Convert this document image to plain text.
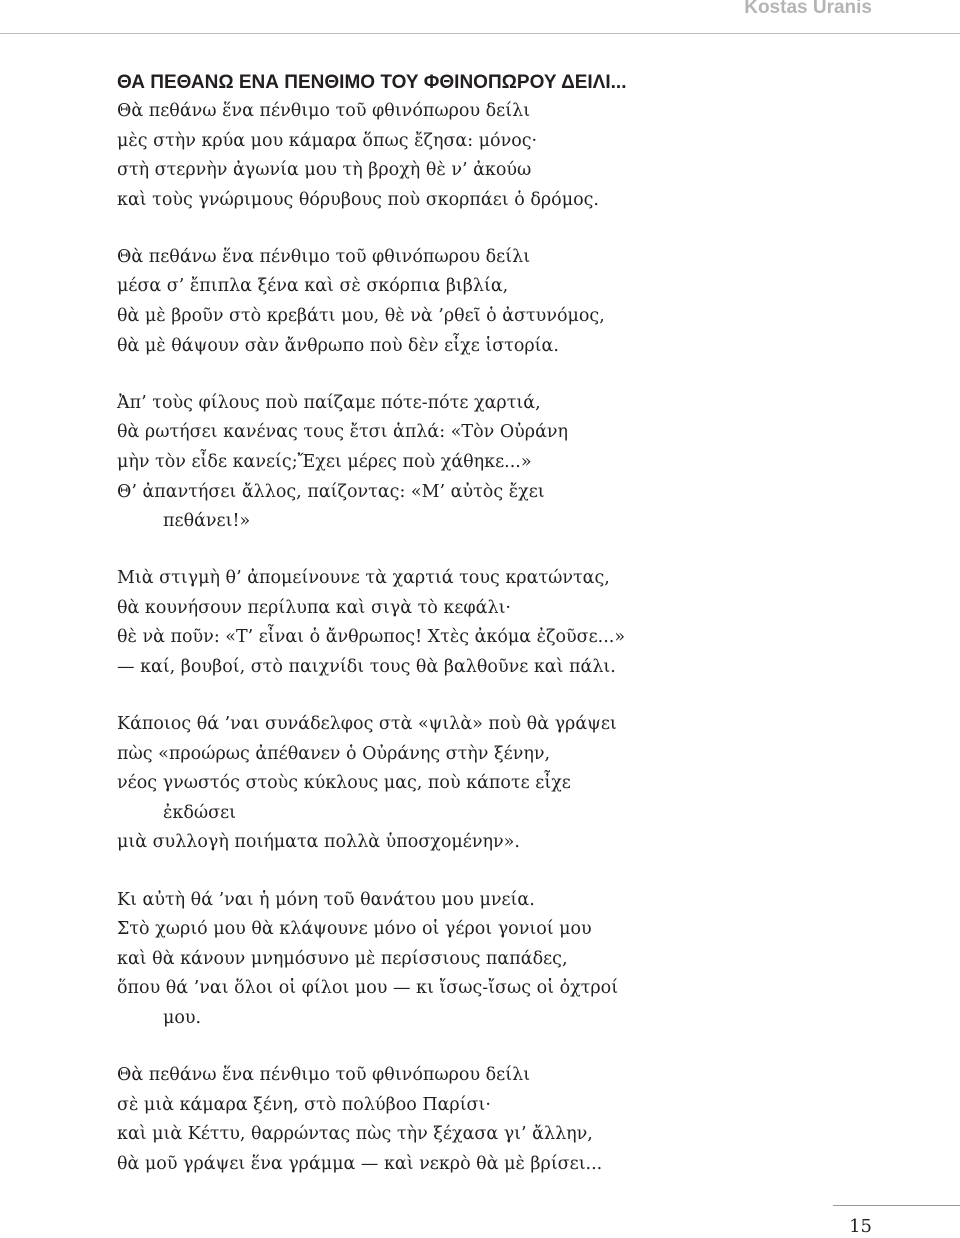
Kostas Uranis
ΘΑ ΠΕΘΑΝΩ ΕΝΑ ΠΕΝΘΙΜΟ ΤΟΥ ΦΘΙΝΟΠΩΡΟΥ ΔΕΙΛΙ...
Θὰ πεθάνω ἕνα πένθιμο τοῦ φθινόπωρου δείλι
μὲς στὴν κρύα μου κάμαρα ὅπως ἔζησα: μόνος·
στὴ στερνὴν ἀγωνία μου τὴ βροχὴ θὲ ν’ ἀκούω
καὶ τοὺς γνώριμους θόρυβους ποὺ σκορπάει ὁ δρόμος.
Θὰ πεθάνω ἕνα πένθιμο τοῦ φθινόπωρου δείλι
μέσα σ’ ἔπιπλα ξένα καὶ σὲ σκόρπια βιβλία,
θὰ μὲ βροῦν στὸ κρεβάτι μου, θὲ νὰ ’ρθεῖ ὁ ἀστυνόμος,
θὰ μὲ θάψουν σὰν ἄνθρωπο ποὺ δὲν εἶχε ἱστορία.
Ἀπ’ τοὺς φίλους ποὺ παίζαμε πότε-πότε χαρτιά,
θὰ ρωτήσει κανένας τους ἔτσι ἁπλά: «Τὸν Οὐράνη
μὴν τὸν εἶδε κανείς;Ἔχει μέρες ποὺ χάθηκε...»
Θ’ ἀπαντήσει ἄλλος, παίζοντας: «Μ’ αὐτὸς ἔχει
πεθάνει!»
Μιὰ στιγμὴ θ’ ἀπομείνουνε τὰ χαρτιά τους κρατώντας,
θὰ κουνήσουν περίλυπα καὶ σιγὰ τὸ κεφάλι·
θὲ νὰ ποῦν: «Τ’ εἶναι ὁ ἄνθρωπος! Χτὲς ἀκόμα ἐζοῦσε...»
— καί, βουβοί, στὸ παιχνίδι τους θὰ βαλθοῦνε καὶ πάλι.
Κάποιος θά ’ναι συνάδελφος στὰ «ψιλὰ» ποὺ θὰ γράψει
πὼς «προώρως ἀπέθανεν ὁ Οὐράνης στὴν ξένην,
νέος γνωστός στοὺς κύκλους μας, ποὺ κάποτε εἶχε
ἐκδώσει
μιὰ συλλογὴ ποιήματα πολλὰ ὑποσχομένην».
Κι αὐτὴ θά ’ναι ἡ μόνη τοῦ θανάτου μου μνεία.
Στὸ χωριό μου θὰ κλάψουνε μόνο οἱ γέροι γονιοί μου
καὶ θὰ κάνουν μνημόσυνο μὲ περίσσιους παπάδες,
ὅπου θά ’ναι ὅλοι οἱ φίλοι μου — κι ἴσως-ἴσως οἱ ὀχτροί
μου.
Θὰ πεθάνω ἕνα πένθιμο τοῦ φθινόπωρου δείλι
σὲ μιὰ κάμαρα ξένη, στὸ πολύβοο Παρίσι·
καὶ μιὰ Κέττυ, θαρρώντας πὼς τὴν ξέχασα γι’ ἄλλην,
θὰ μοῦ γράψει ἕνα γράμμα — καὶ νεκρὸ θὰ μὲ βρίσει...
15
